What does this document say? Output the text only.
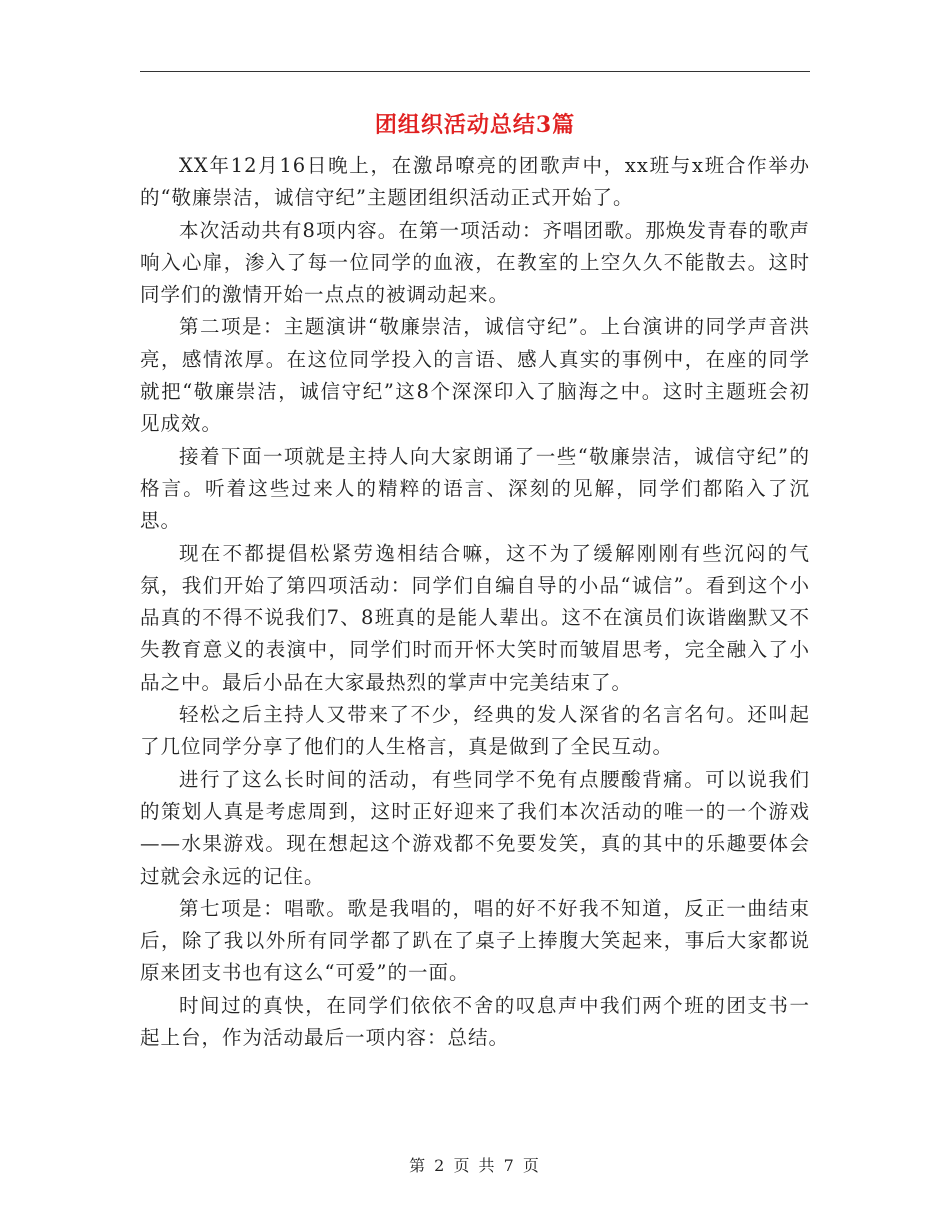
团组织活动总结3篇

XX年12月16日晚上，在激昂嘹亮的团歌声中，xx班与x班合作举办的“敬廉崇洁，诚信守纪”主题团组织活动正式开始了。

本次活动共有8项内容。在第一项活动：齐唱团歌。那焕发青春的歌声响入心扉，渗入了每一位同学的血液，在教室的上空久久不能散去。这时同学们的激情开始一点点的被调动起来。

第二项是：主题演讲“敬廉崇洁，诚信守纪”。上台演讲的同学声音洪亮，感情浓厚。在这位同学投入的言语、感人真实的事例中，在座的同学就把“敬廉崇洁，诚信守纪”这8个深深印入了脑海之中。这时主题班会初见成效。

接着下面一项就是主持人向大家朗诵了一些“敬廉崇洁，诚信守纪”的格言。听着这些过来人的精粹的语言、深刻的见解，同学们都陷入了沉思。

现在不都提倡松紧劳逸相结合嘛，这不为了缓解刚刚有些沉闷的气氛，我们开始了第四项活动：同学们自编自导的小品“诚信”。看到这个小品真的不得不说我们7、8班真的是能人辈出。这不在演员们诙谐幽默又不失教育意义的表演中，同学们时而开怀大笑时而皱眉思考，完全融入了小品之中。最后小品在大家最热烈的掌声中完美结束了。

轻松之后主持人又带来了不少，经典的发人深省的名言名句。还叫起了几位同学分享了他们的人生格言，真是做到了全民互动。

进行了这么长时间的活动，有些同学不免有点腰酸背痛。可以说我们的策划人真是考虑周到，这时正好迎来了我们本次活动的唯一的一个游戏——水果游戏。现在想起这个游戏都不免要发笑，真的其中的乐趣要体会过就会永远的记住。

第七项是：唱歌。歌是我唱的，唱的好不好我不知道，反正一曲结束后，除了我以外所有同学都了趴在了桌子上捧腹大笑起来，事后大家都说原来团支书也有这么“可爱”的一面。

时间过的真快，在同学们依依不舍的叹息声中我们两个班的团支书一起上台，作为活动最后一项内容：总结。

第 2 页 共 7 页
